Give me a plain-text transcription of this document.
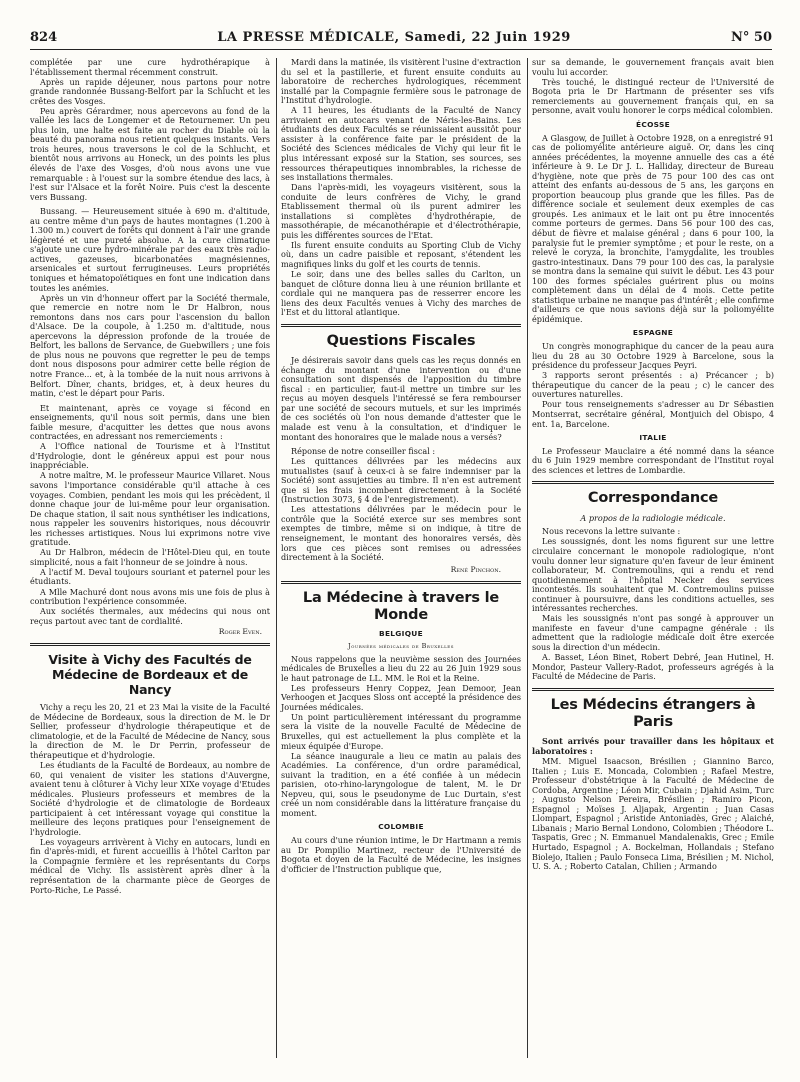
824	LA PRESSE MÉDICALE, Samedi, 22 Juin 1929	N° 50

complétée par une cure hydrothérapique à l'établissement thermal récemment construit.

Après un rapide déjeuner, nous partons pour notre grande randonnée Bussang-Belfort par la Schlucht et les crêtes des Vosges.

Peu après Gérardmer, nous apercevons au fond de la vallée les lacs de Longemer et de Retournemer. Un peu plus loin, une halte est faite au rocher du Diable où la beauté du panorama nous retient quelques instants. Vers trois heures, nous traversons le col de la Schlucht, et bientôt nous arrivons au Honeck, un des points les plus élevés de l'axe des Vosges, d'où nous avons une vue remarquable : à l'ouest sur la sombre étendue des lacs, à l'est sur l'Alsace et la forêt Noire. Puis c'est la descente vers Bussang.

Bussang. — Heureusement située à 690 m. d'altitude, au centre même d'un pays de hautes montagnes (1.200 à 1.300 m.) couvert de forêts qui donnent à l'air une grande légèreté et une pureté absolue. A la cure climatique s'ajoute une cure hydro-minérale par des eaux très radio-actives, gazeuses, bicarbonatées magnésiennes, arsenicales et surtout ferrugineuses. Leurs propriétés toniques et hématopoïétiques en font une indication dans toutes les anémies.

Après un vin d'honneur offert par la Société thermale, que remercie en notre nom le Dr Halbron, nous remontons dans nos cars pour l'ascension du ballon d'Alsace. De la coupole, à 1.250 m. d'altitude, nous apercevons la dépression profonde de la trouée de Belfort, les ballons de Servance, de Guebwillers ; une fois de plus nous ne pouvons que regretter le peu de temps dont nous disposons pour admirer cette belle région de notre France... et, à la tombée de la nuit nous arrivons à Belfort. Dîner, chants, bridges, et, à deux heures du matin, c'est le départ pour Paris.

Et maintenant, après ce voyage si fécond en enseignements, qu'il nous soit permis, dans une bien faible mesure, d'acquitter les dettes que nous avons contractées, en adressant nos remerciements :

A l'Office national de Tourisme et à l'Institut d'Hydrologie, dont le généreux appui est pour nous inappréciable.

A notre maître, M. le professeur Maurice Villaret. Nous savons l'importance considérable qu'il attache à ces voyages. Combien, pendant les mois qui les précèdent, il donne chaque jour de lui-même pour leur organisation. De chaque station, il sait nous synthétiser les indications, nous rappeler les souvenirs historiques, nous découvrir les richesses artistiques. Nous lui exprimons notre vive gratitude.

Au Dr Halbron, médecin de l'Hôtel-Dieu qui, en toute simplicité, nous a fait l'honneur de se joindre à nous.

A l'actif M. Deval toujours souriant et paternel pour les étudiants.

A Mlle Machuré dont nous avons mis une fois de plus à contribution l'expérience consommée.

Aux sociétés thermales, aux médecins qui nous ont reçus partout avec tant de cordialité.

Roger Even.
Visite à Vichy des Facultés de Médecine de Bordeaux et de Nancy

Vichy a reçu les 20, 21 et 23 Mai la visite de la Faculté de Médecine de Bordeaux, sous la direction de M. le Dr Sellier, professeur d'hydrologie thérapeutique et de climatologie, et de la Faculté de Médecine de Nancy, sous la direction de M. le Dr Perrin, professeur de thérapeutique et d'hydrologie.

Les étudiants de la Faculté de Bordeaux, au nombre de 60, qui venaient de visiter les stations d'Auvergne, avaient tenu à clôturer à Vichy leur XIXe voyage d'Etudes médicales. Plusieurs professeurs et membres de la Société d'hydrologie et de climatologie de Bordeaux participaient à cet intéressant voyage qui constitue la meilleure des leçons pratiques pour l'enseignement de l'hydrologie.

Les voyageurs arrivèrent à Vichy en autocars, lundi en fin d'après-midi, et furent accueillis à l'hôtel Carlton par la Compagnie fermière et les représentants du Corps médical de Vichy. Ils assistèrent après dîner à la représentation de la charmante pièce de Georges de Porto-Riche, Le Passé.

Mardi dans la matinée, ils visitèrent l'usine d'extraction du sel et la pastillerie, et furent ensuite conduits au laboratoire de recherches hydrologiques, récemment installé par la Compagnie fermière sous le patronage de l'Institut d'hydrologie.

A 11 heures, les étudiants de la Faculté de Nancy arrivaient en autocars venant de Néris-les-Bains. Les étudiants des deux Facultés se réunissaient aussitôt pour assister à la conférence faite par le président de la Société des Sciences médicales de Vichy qui leur fit le plus intéressant exposé sur la Station, ses sources, ses ressources thérapeutiques innombrables, la richesse de ses installations thermales.

Dans l'après-midi, les voyageurs visitèrent, sous la conduite de leurs confrères de Vichy, le grand Etablissement thermal où ils purent admirer les installations si complètes d'hydrothérapie, de massothérapie, de mécanothérapie et d'électrothérapie, puis les différentes sources de l'Etat.

Ils furent ensuite conduits au Sporting Club de Vichy où, dans un cadre paisible et reposant, s'étendent les magnifiques links du golf et les courts de tennis.

Le soir, dans une des belles salles du Carlton, un banquet de clôture donna lieu à une réunion brillante et cordiale qui ne manquera pas de resserrer encore les liens des deux Facultés venues à Vichy des marches de l'Est et du littoral atlantique.

Questions Fiscales

Je désirerais savoir dans quels cas les reçus donnés en échange du montant d'une intervention ou d'une consultation sont dispensés de l'apposition du timbre fiscal : en particulier, faut-il mettre un timbre sur les reçus au moyen desquels l'intéressé se fera rembourser par une société de secours mutuels, et sur les imprimés de ces sociétés où l'on nous demande d'attester que le malade est venu à la consultation, et d'indiquer le montant des honoraires que le malade nous a versés?

Réponse de notre conseiller fiscal :

Les quittances délivrées par les médecins aux mutualistes (sauf à ceux-ci à se faire indemniser par la Société) sont assujetties au timbre. Il n'en est autrement que si les frais incombent directement à la Société (Instruction 3073, § 4 de l'enregistrement).

Les attestations délivrées par le médecin pour le contrôle que la Société exerce sur ses membres sont exemptes de timbre, même si on indique, à titre de renseignement, le montant des honoraires versés, dès lors que ces pièces sont remises ou adressées directement à la Société.

René Pinchon.
La Médecine à travers le Monde
BELGIQUE
Journées médicales de Bruxelles

Nous rappelons que la neuvième session des Journées médicales de Bruxelles a lieu du 22 au 26 Juin 1929 sous le haut patronage de LL. MM. le Roi et la Reine.

Les professeurs Henry Coppez, Jean Demoor, Jean Verhoogen et Jacques Sloss ont accepté la présidence des Journées médicales.

Un point particulièrement intéressant du programme sera la visite de la nouvelle Faculté de Médecine de Bruxelles, qui est actuellement la plus complète et la mieux équipée d'Europe.

La séance inaugurale a lieu ce matin au palais des Académies. La conférence, d'un ordre paramédical, suivant la tradition, en a été confiée à un médecin parisien, oto-rhino-laryngologue de talent, M. le Dr Nepveu, qui, sous le pseudonyme de Luc Durtain, s'est créé un nom considérable dans la littérature française du moment.

COLOMBIE

Au cours d'une réunion intime, le Dr Hartmann a remis au Dr Pompilio Martinez, recteur de l'Université de Bogota et doyen de la Faculté de Médecine, les insignes d'officier de l'Instruction publique que,

sur sa demande, le gouvernement français avait bien voulu lui accorder.

Très touché, le distingué recteur de l'Université de Bogota pria le Dr Hartmann de présenter ses vifs remerciements au gouvernement français qui, en sa personne, avait voulu honorer le corps médical colombien.

ÉCOSSE

A Glasgow, de Juillet à Octobre 1928, on a enregistré 91 cas de poliomyélite antérieure aiguë. Or, dans les cinq années précédentes, la moyenne annuelle des cas a été inférieure à 9. Le Dr J. L. Halliday, directeur de Bureau d'hygiène, note que près de 75 pour 100 des cas ont atteint des enfants au-dessous de 5 ans, les garçons en proportion beaucoup plus grande que les filles. Pas de différence sociale et seulement deux exemples de cas groupés. Les animaux et le lait ont pu être innocentés comme porteurs de germes. Dans 56 pour 100 des cas, début de fièvre et malaise général ; dans 6 pour 100, la paralysie fut le premier symptôme ; et pour le reste, on a relevé le coryza, la bronchite, l'amygdalite, les troubles gastro-intestinaux. Dans 79 pour 100 des cas, la paralysie se montra dans la semaine qui suivit le début. Les 43 pour 100 des formes spéciales guérirent plus ou moins complètement dans un délai de 4 mois. Cette petite statistique urbaine ne manque pas d'intérêt ; elle confirme d'ailleurs ce que nous savions déjà sur la poliomyélite épidémique.

ESPAGNE

Un congrès monographique du cancer de la peau aura lieu du 28 au 30 Octobre 1929 à Barcelone, sous la présidence du professeur Jacques Peyri.

3 rapports seront présentés : a) Précancer ; b) thérapeutique du cancer de la peau ; c) le cancer des ouvertures naturelles.

Pour tous renseignements s'adresser au Dr Sébastien Montserrat, secrétaire général, Montjuich del Obispo, 4 ent. 1a, Barcelone.

ITALIE

Le Professeur Mauclaire a été nommé dans la séance du 6 Juin 1929 membre correspondant de l'Institut royal des sciences et lettres de Lombardie.

Correspondance
A propos de la radiologie médicale.

Nous recevons la lettre suivante :

Les soussignés, dont les noms figurent sur une lettre circulaire concernant le monopole radiologique, n'ont voulu donner leur signature qu'en faveur de leur éminent collaborateur, M. Contremoulins, qui a rendu et rend quotidiennement à l'hôpital Necker des services incontestés. Ils souhaitent que M. Contremoulins puisse continuer à poursuivre, dans les conditions actuelles, ses intéressantes recherches.

Mais les soussignés n'ont pas songé à approuver un manifeste en faveur d'une campagne générale : ils admettent que la radiologie médicale doit être exercée sous la direction d'un médecin.

A. Basset, Léon Binet, Robert Debré, Jean Hutinel, H. Mondor, Pasteur Vallery-Radot, professeurs agrégés à la Faculté de Médecine de Paris.

Les Médecins étrangers à Paris

Sont arrivés pour travailler dans les hôpitaux et laboratoires :

MM. Miguel Isaacson, Brésilien ; Giannino Barco, Italien ; Luis E. Moncada, Colombien ; Rafael Mestre, Professeur d'obstétrique à la Faculté de Médecine de Cordoba, Argentine ; Léon Mir, Cubain ; Djahid Asim, Turc ; Augusto Nelson Pereira, Brésilien ; Ramiro Picon, Espagnol ; Moïses J. Aljapak, Argentin ; Juan Casas Llompart, Espagnol ; Aristide Antoniadès, Grec ; Alaiché, Libanais ; Mario Bernal Londono, Colombien ; Théodore L. Taspatis, Grec ; N. Emmanuel Mandalenakis, Grec ; Emile Hurtado, Espagnol ; A. Bockelman, Hollandais ; Stefano Biolejo, Italien ; Paulo Fonseca Lima, Brésilien ; M. Nichol, U. S. A. ; Roberto Catalan, Chilien ; Armando
